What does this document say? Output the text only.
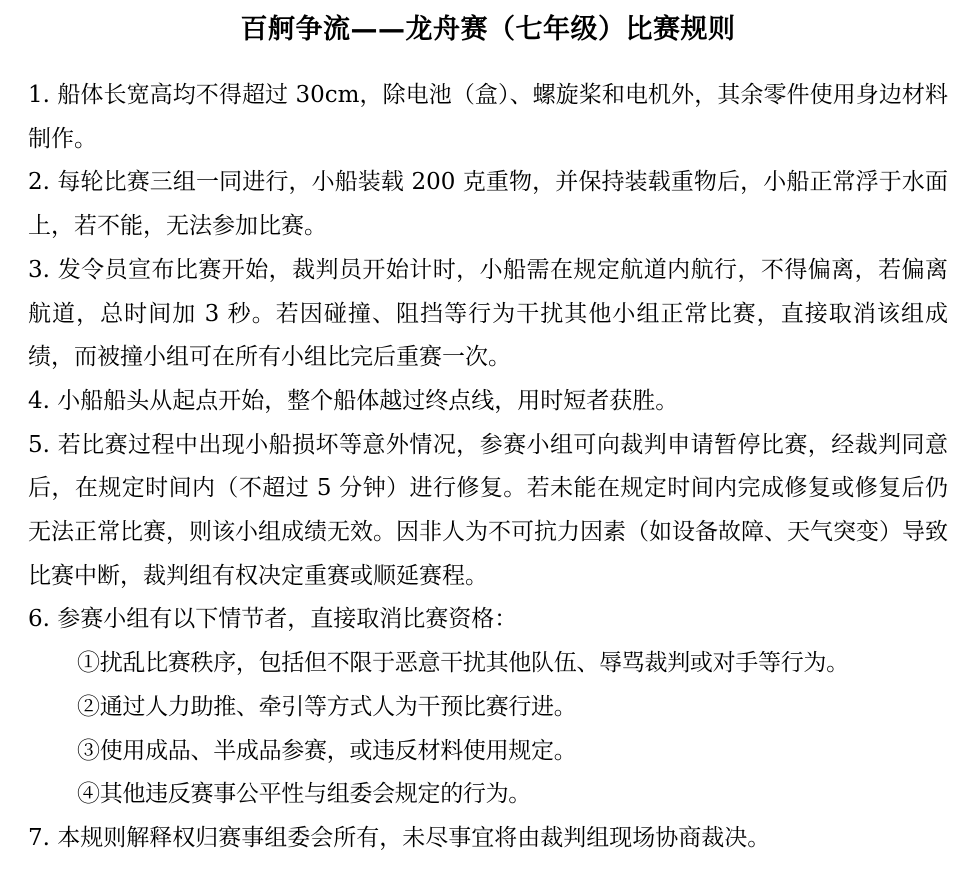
百舸争流——龙舟赛（七年级）比赛规则

1. 船体长宽高均不得超过 30cm，除电池（盒）、螺旋桨和电机外，其余零件使用身边材料制作。

2. 每轮比赛三组一同进行，小船装载 200 克重物，并保持装载重物后，小船正常浮于水面上，若不能，无法参加比赛。

3. 发令员宣布比赛开始，裁判员开始计时，小船需在规定航道内航行，不得偏离，若偏离航道，总时间加 3 秒。若因碰撞、阻挡等行为干扰其他小组正常比赛，直接取消该组成绩，而被撞小组可在所有小组比完后重赛一次。

4. 小船船头从起点开始，整个船体越过终点线，用时短者获胜。

5. 若比赛过程中出现小船损坏等意外情况，参赛小组可向裁判申请暂停比赛，经裁判同意后，在规定时间内（不超过 5 分钟）进行修复。若未能在规定时间内完成修复或修复后仍无法正常比赛，则该小组成绩无效。因非人为不可抗力因素（如设备故障、天气突变）导致比赛中断，裁判组有权决定重赛或顺延赛程。

6. 参赛小组有以下情节者，直接取消比赛资格：

①扰乱比赛秩序，包括但不限于恶意干扰其他队伍、辱骂裁判或对手等行为。

②通过人力助推、牵引等方式人为干预比赛行进。

③使用成品、半成品参赛，或违反材料使用规定。

④其他违反赛事公平性与组委会规定的行为。

7. 本规则解释权归赛事组委会所有，未尽事宜将由裁判组现场协商裁决。
